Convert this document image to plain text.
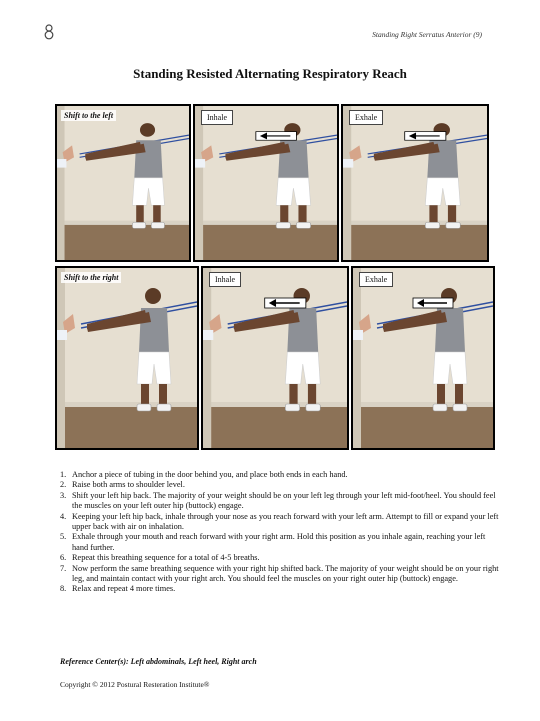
Standing Right Serratus Anterior (9)
Standing Resisted Alternating Respiratory Reach
Shift to the left	Inhale	Exhale
Shift to the right	Inhale	Exhale
1. Anchor a piece of tubing in the door behind you, and place both ends in each hand.
2. Raise both arms to shoulder level.
3. Shift your left hip back. The majority of your weight should be on your left leg through your left mid-foot/heel. You should feel the muscles on your left outer hip (buttock) engage.
4. Keeping your left hip back, inhale through your nose as you reach forward with your left arm. Attempt to fill or expand your left upper back with air on inhalation.
5. Exhale through your mouth and reach forward with your right arm. Hold this position as you inhale again, reaching your left hand further.
6. Repeat this breathing sequence for a total of 4-5 breaths.
7. Now perform the same breathing sequence with your right hip shifted back. The majority of your weight should be on your right leg, and maintain contact with your right arch. You should feel the muscles on your right outer hip (buttock) engage.
8. Relax and repeat 4 more times.
Reference Center(s): Left abdominals, Left heel, Right arch
Copyright © 2012 Postural Resteration Institute®
